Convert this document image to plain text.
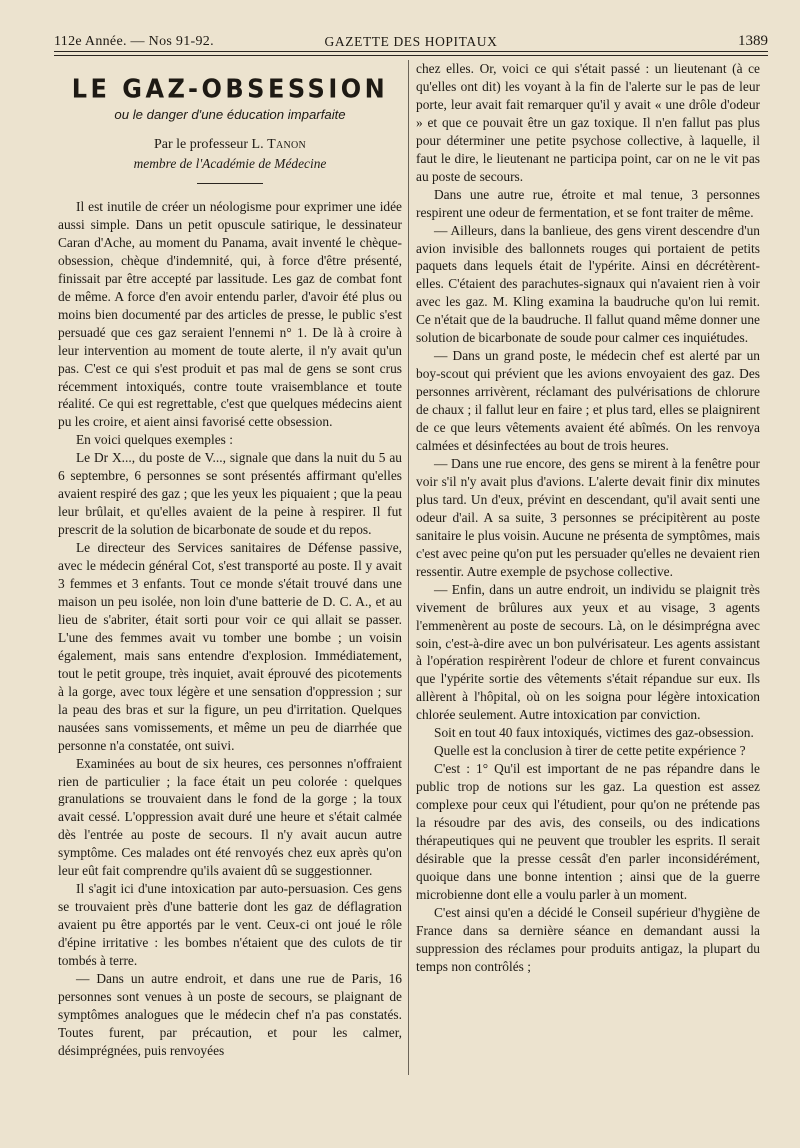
112e Année. — Nos 91-92.	GAZETTE DES HOPITAUX	1389
LE GAZ-OBSESSION
ou le danger d'une éducation imparfaite
Par le professeur L. Tanon
membre de l'Académie de Médecine

Il est inutile de créer un néologisme pour exprimer une idée aussi simple. Dans un petit opuscule satirique, le dessinateur Caran d'Ache, au moment du Panama, avait inventé le chèque-obsession, chèque d'indemnité, qui, à force d'être présenté, finissait par être accepté par lassitude. Les gaz de combat font de même. A force d'en avoir entendu parler, d'avoir été plus ou moins bien documenté par des articles de presse, le public s'est persuadé que ces gaz seraient l'ennemi n° 1. De là à croire à leur intervention au moment de toute alerte, il n'y avait qu'un pas. C'est ce qui s'est produit et pas mal de gens se sont crus récemment intoxiqués, contre toute vraisemblance et toute réalité. Ce qui est regrettable, c'est que quelques médecins aient pu les croire, et aient ainsi favorisé cette obsession.

En voici quelques exemples :

Le Dr X..., du poste de V..., signale que dans la nuit du 5 au 6 septembre, 6 personnes se sont présentés affirmant qu'elles avaient respiré des gaz ; que les yeux les piquaient ; que la peau leur brûlait, et qu'elles avaient de la peine à respirer. Il fut prescrit de la solution de bicarbonate de soude et du repos.

Le directeur des Services sanitaires de Défense passive, avec le médecin général Cot, s'est transporté au poste. Il y avait 3 femmes et 3 enfants. Tout ce monde s'était trouvé dans une maison un peu isolée, non loin d'une batterie de D. C. A., et au lieu de s'abriter, était sorti pour voir ce qui allait se passer. L'une des femmes avait vu tomber une bombe ; un voisin également, mais sans entendre d'explosion. Immédiatement, tout le petit groupe, très inquiet, avait éprouvé des picotements à la gorge, avec toux légère et une sensation d'oppression ; sur la peau des bras et sur la figure, un peu d'irritation. Quelques nausées sans vomissements, et même un peu de diarrhée que personne n'a constatée, ont suivi.

Examinées au bout de six heures, ces personnes n'offraient rien de particulier ; la face était un peu colorée : quelques granulations se trouvaient dans le fond de la gorge ; la toux avait cessé. L'oppression avait duré une heure et s'était calmée dès l'entrée au poste de secours. Il n'y avait aucun autre symptôme. Ces malades ont été renvoyés chez eux après qu'on leur eût fait comprendre qu'ils avaient dû se suggestionner.

Il s'agit ici d'une intoxication par auto-persuasion. Ces gens se trouvaient près d'une batterie dont les gaz de déflagration avaient pu être apportés par le vent. Ceux-ci ont joué le rôle d'épine irritative : les bombes n'étaient que des culots de tir tombés à terre.

— Dans un autre endroit, et dans une rue de Paris, 16 personnes sont venues à un poste de secours, se plaignant de symptômes analogues que le médecin chef n'a pas constatés. Toutes furent, par précaution, et pour les calmer, désimprégnées, puis renvoyées

chez elles. Or, voici ce qui s'était passé : un lieutenant (à ce qu'elles ont dit) les voyant à la fin de l'alerte sur le pas de leur porte, leur avait fait remarquer qu'il y avait « une drôle d'odeur » et que ce pouvait être un gaz toxique. Il n'en fallut pas plus pour déterminer une petite psychose collective, à laquelle, il faut le dire, le lieutenant ne participa point, car on ne le vit pas au poste de secours.

Dans une autre rue, étroite et mal tenue, 3 personnes respirent une odeur de fermentation, et se font traiter de même.

— Ailleurs, dans la banlieue, des gens virent descendre d'un avion invisible des ballonnets rouges qui portaient de petits paquets dans lequels était de l'ypérite. Ainsi en décrétèrent-elles. C'étaient des parachutes-signaux qui n'avaient rien à voir avec les gaz. M. Kling examina la baudruche qu'on lui remit. Ce n'était que de la baudruche. Il fallut quand même donner une solution de bicarbonate de soude pour calmer ces inquiétudes.

— Dans un grand poste, le médecin chef est alerté par un boy-scout qui prévient que les avions envoyaient des gaz. Des personnes arrivèrent, réclamant des pulvérisations de chlorure de chaux ; il fallut leur en faire ; et plus tard, elles se plaignirent de ce que leurs vêtements avaient été abîmés. On les renvoya calmées et désinfectées au bout de trois heures.

— Dans une rue encore, des gens se mirent à la fenêtre pour voir s'il n'y avait plus d'avions. L'alerte devait finir dix minutes plus tard. Un d'eux, prévint en descendant, qu'il avait senti une odeur d'ail. A sa suite, 3 personnes se précipitèrent au poste sanitaire le plus voisin. Aucune ne présenta de symptômes, mais c'est avec peine qu'on put les persuader qu'elles ne devaient rien ressentir. Autre exemple de psychose collective.

— Enfin, dans un autre endroit, un individu se plaignit très vivement de brûlures aux yeux et au visage, 3 agents l'emmenèrent au poste de secours. Là, on le désimprégna avec soin, c'est-à-dire avec un bon pulvérisateur. Les agents assistant à l'opération respirèrent l'odeur de chlore et furent convaincus que l'ypérite sortie des vêtements s'était répandue sur eux. Ils allèrent à l'hôpital, où on les soigna pour légère intoxication chlorée seulement. Autre intoxication par conviction.

Soit en tout 40 faux intoxiqués, victimes des gaz-obsession.

Quelle est la conclusion à tirer de cette petite expérience ?

C'est : 1° Qu'il est important de ne pas répandre dans le public trop de notions sur les gaz. La question est assez complexe pour ceux qui l'étudient, pour qu'on ne prétende pas la résoudre par des avis, des conseils, ou des indications thérapeutiques qui ne peuvent que troubler les esprits. Il serait désirable que la presse cessât d'en parler inconsidérément, quoique dans une bonne intention ; ainsi que de la guerre microbienne dont elle a voulu parler à un moment.

C'est ainsi qu'en a décidé le Conseil supérieur d'hygiène de France dans sa dernière séance en demandant aussi la suppression des réclames pour produits antigaz, la plupart du temps non contrôlés ;
